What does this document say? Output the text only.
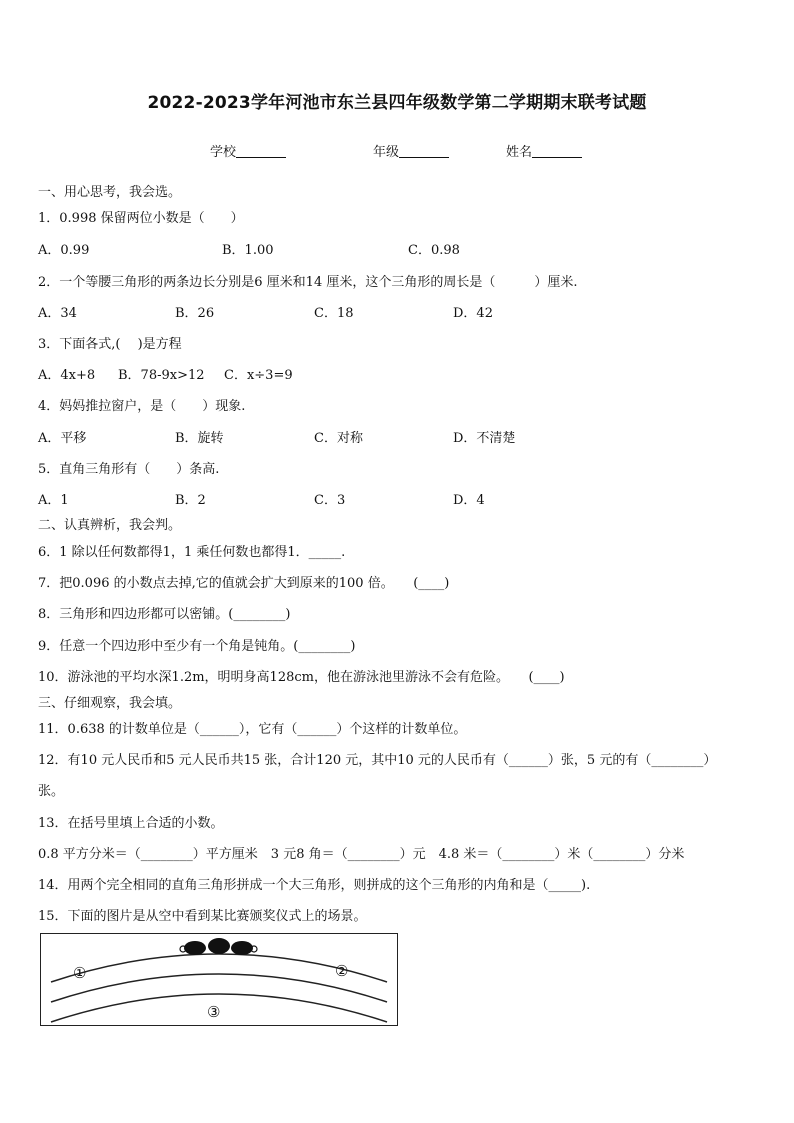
2022-2023学年河池市东兰县四年级数学第二学期期末联考试题
学校	年级	姓名
一、用心思考，我会选。
1．0.998 保留两位小数是（　　）
A．0.99	B．1.00	C．0.98
2．一个等腰三角形的两条边长分别是6 厘米和14 厘米，这个三角形的周长是（　　　）厘米.
A．34	B．26	C．18	D．42
3．下面各式,(　 )是方程
A．4x+8 B．78-9x>12 C．x÷3=9
4．妈妈推拉窗户，是（　　）现象.
A．平移	B．旋转	C．对称	D．不清楚
5．直角三角形有（　　）条高.
A．1	B．2	C．3	D．4
二、认真辨析，我会判。
6．1 除以任何数都得1，1 乘任何数也都得1．_____.
7．把0.096 的小数点去掉,它的值就会扩大到原来的100 倍。　　(____)
8．三角形和四边形都可以密铺。(________)
9．任意一个四边形中至少有一个角是钝角。(________)
10．游泳池的平均水深1.2m，明明身高128cm，他在游泳池里游泳不会有危险。　　(____)
三、仔细观察，我会填。
11．0.638 的计数单位是（______），它有（______）个这样的计数单位。
12．有10 元人民币和5 元人民币共15 张，合计120 元，其中10 元的人民币有（______）张，5 元的有（________）
张。
13．在括号里填上合适的小数。
0.8 平方分米＝（________）平方厘米　3 元8 角＝（________）元　4.8 米＝（________）米（________）分米
14．用两个完全相同的直角三角形拼成一个大三角形，则拼成的这个三角形的内角和是（_____).
15．下面的图片是从空中看到某比赛颁奖仪式上的场景。
①	②
③
